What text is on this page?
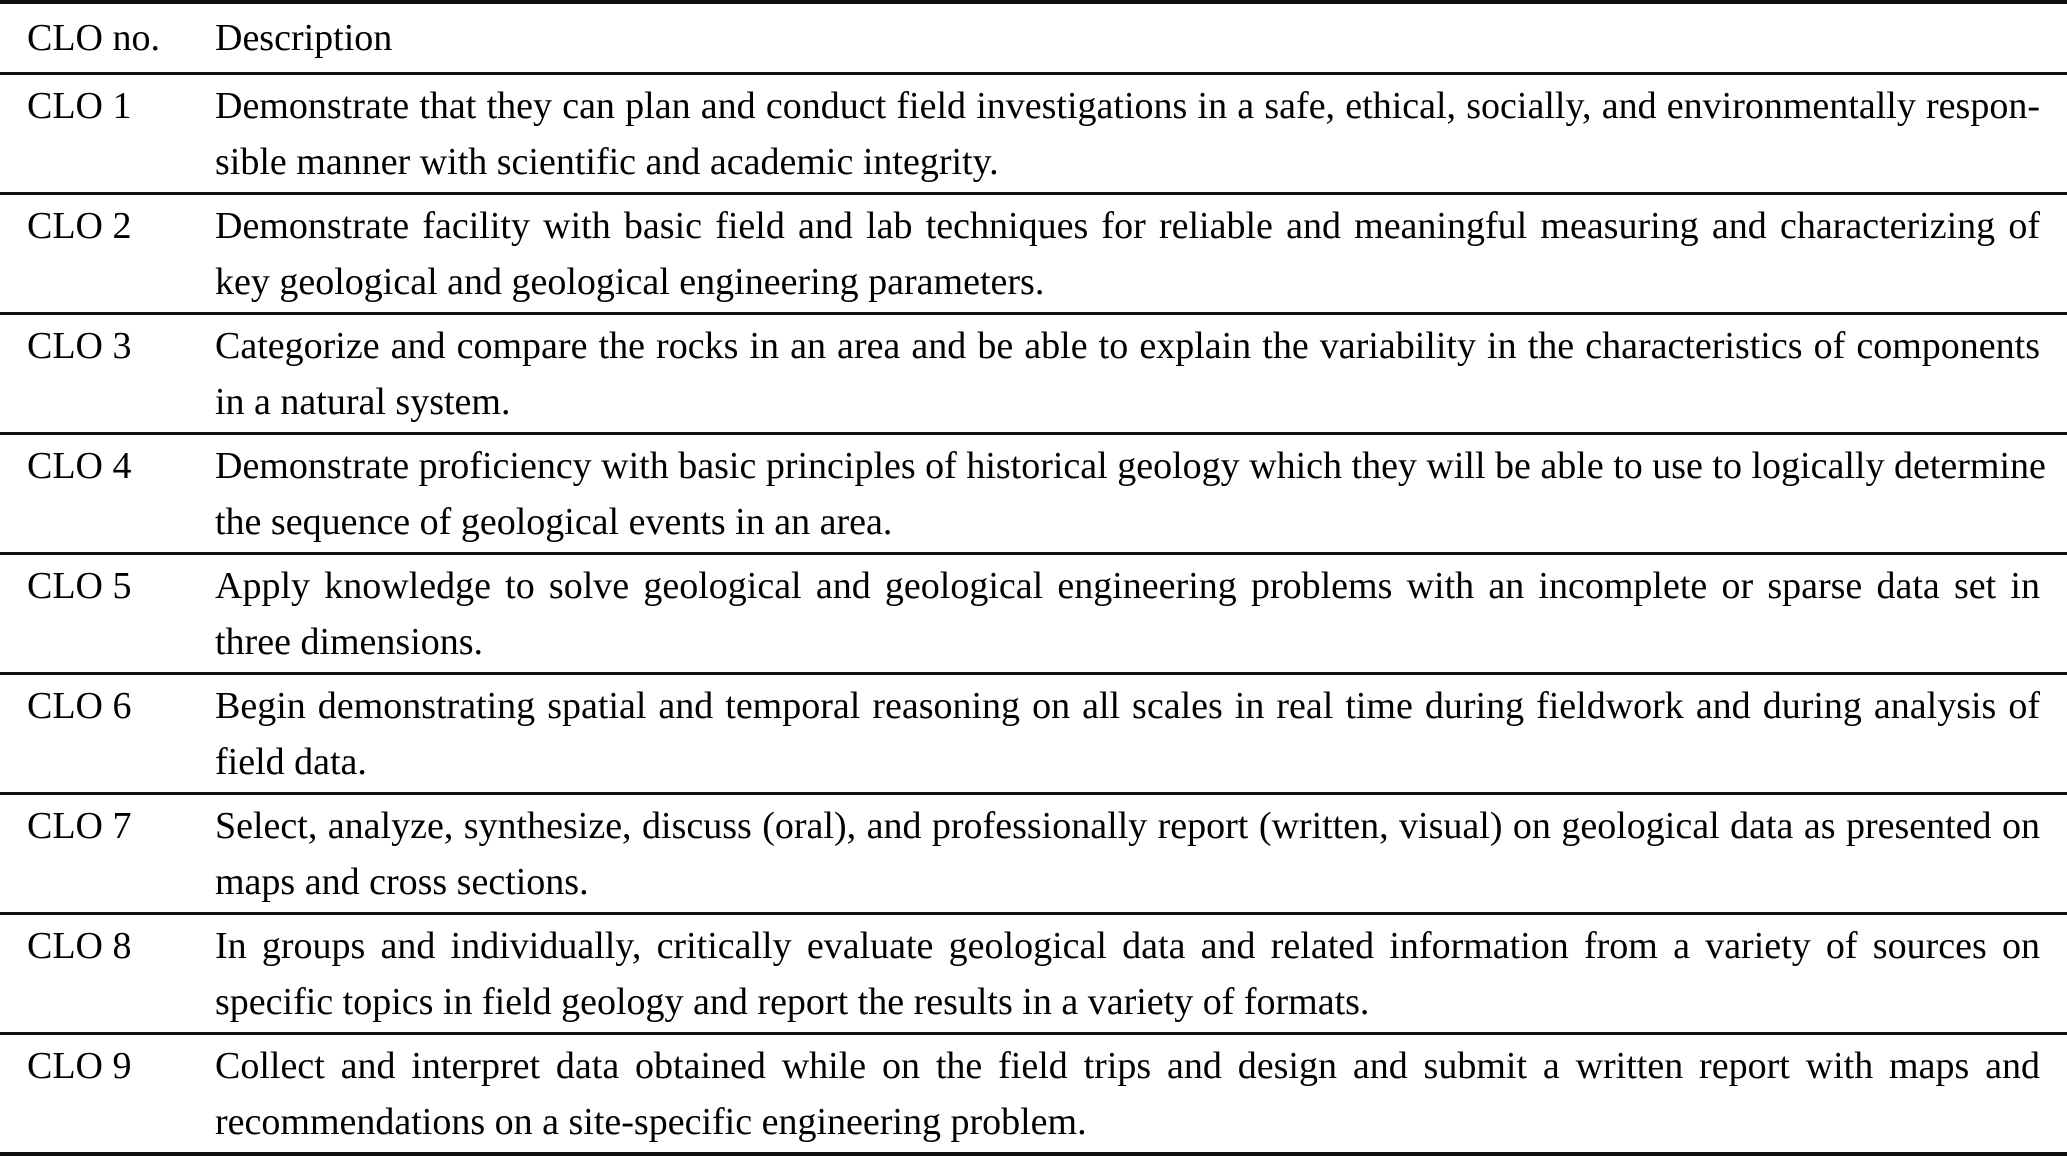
CLO no.	Description
CLO 1	Demonstrate that they can plan and conduct field investigations in a safe, ethical, socially, and environmentally respon-
sible manner with scientific and academic integrity.
CLO 2	Demonstrate facility with basic field and lab techniques for reliable and meaningful measuring and characterizing of
key geological and geological engineering parameters.
CLO 3	Categorize and compare the rocks in an area and be able to explain the variability in the characteristics of components
in a natural system.
CLO 4	Demonstrate proficiency with basic principles of historical geology which they will be able to use to logically determine
the sequence of geological events in an area.
CLO 5	Apply knowledge to solve geological and geological engineering problems with an incomplete or sparse data set in
three dimensions.
CLO 6	Begin demonstrating spatial and temporal reasoning on all scales in real time during fieldwork and during analysis of
field data.
CLO 7	Select, analyze, synthesize, discuss (oral), and professionally report (written, visual) on geological data as presented on
maps and cross sections.
CLO 8	In groups and individually, critically evaluate geological data and related information from a variety of sources on
specific topics in field geology and report the results in a variety of formats.
CLO 9	Collect and interpret data obtained while on the field trips and design and submit a written report with maps and
recommendations on a site-specific engineering problem.
